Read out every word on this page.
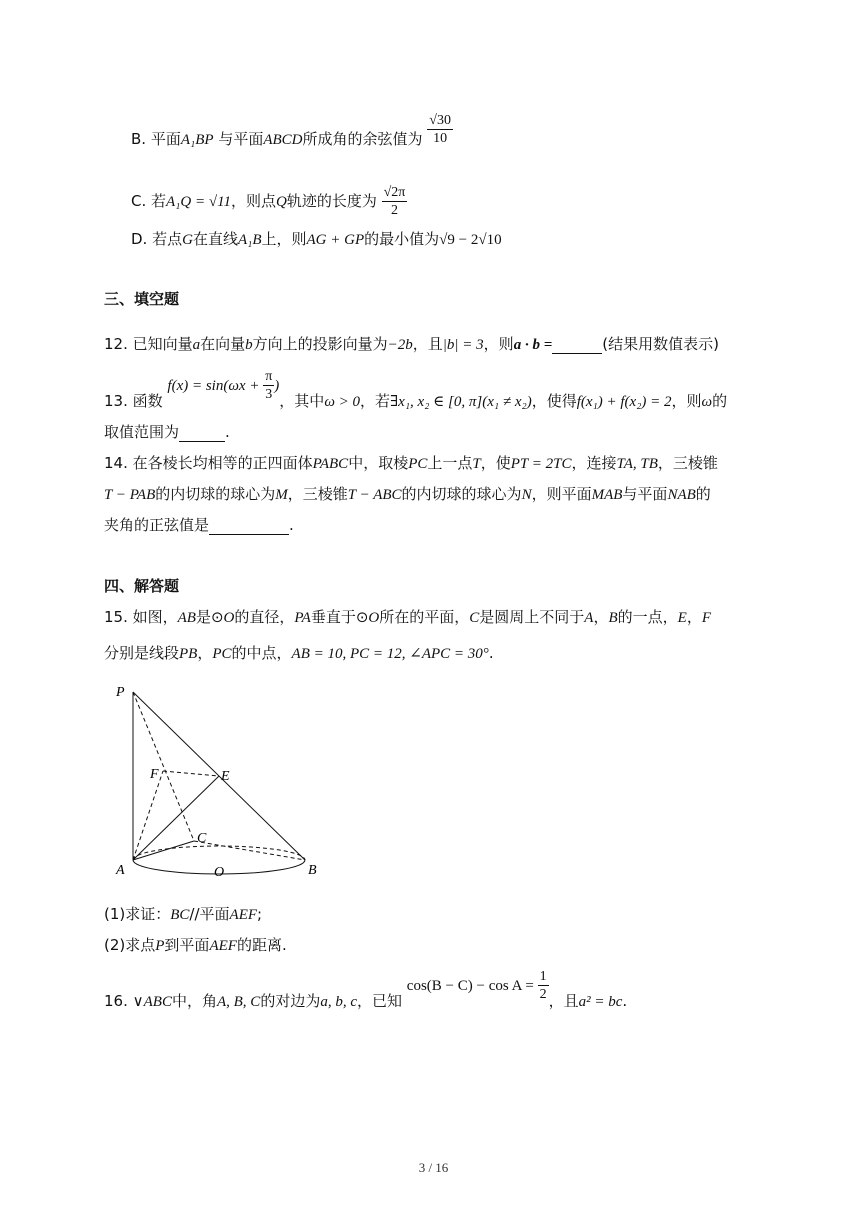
B. 平面A₁BP 与平面ABCD所成角的余弦值为 $\frac{√30}{10}$
C. 若A₁Q = √11，则点Q轨迹的长度为 $\frac{√2\pi}{2}$
D. 若点G在直线A₁B上，则AG + GP的最小值为√9 − 2√10
三、填空题
12. 已知向量a在向量b方向上的投影向量为−2b，且|b| = 3，则a · b =	(结果用数值表示)
13. 函数 $f(x) = \sin(\omega x + \frac{\pi}{3}$ )，其中ω > 0，若∃x₁, x₂ ∈ [0, π](x₁ ≠ x₂)，使得f(x₁) + f(x₂) = 2，则ω的
取值范围为	.
14. 在各棱长均相等的正四面体PABC中，取棱PC上一点T，使PT = 2TC，连接TA, TB，三棱锥
T − PAB的内切球的球心为M，三棱锥T − ABC的内切球的球心为N，则平面MAB与平面NAB的
夹角的正弦值是	.
四、解答题
15. 如图，AB是⊙O的直径，PA垂直于⊙O所在的平面，C是圆周上不同于A，B的一点，E，F
分别是线段PB，PC的中点，AB = 10, PC = 12, ∠APC = 30°.
P
F	E
C
A	O	B
(1)求证：BC//平面AEF;
(2)求点P到平面AEF的距离.
16. ∨ABC中，角A, B, C的对边为a, b, c，已知 $\cos(B - C) - \cos A = \frac{1}{2}$ ，且a² = bc.
3 / 16
